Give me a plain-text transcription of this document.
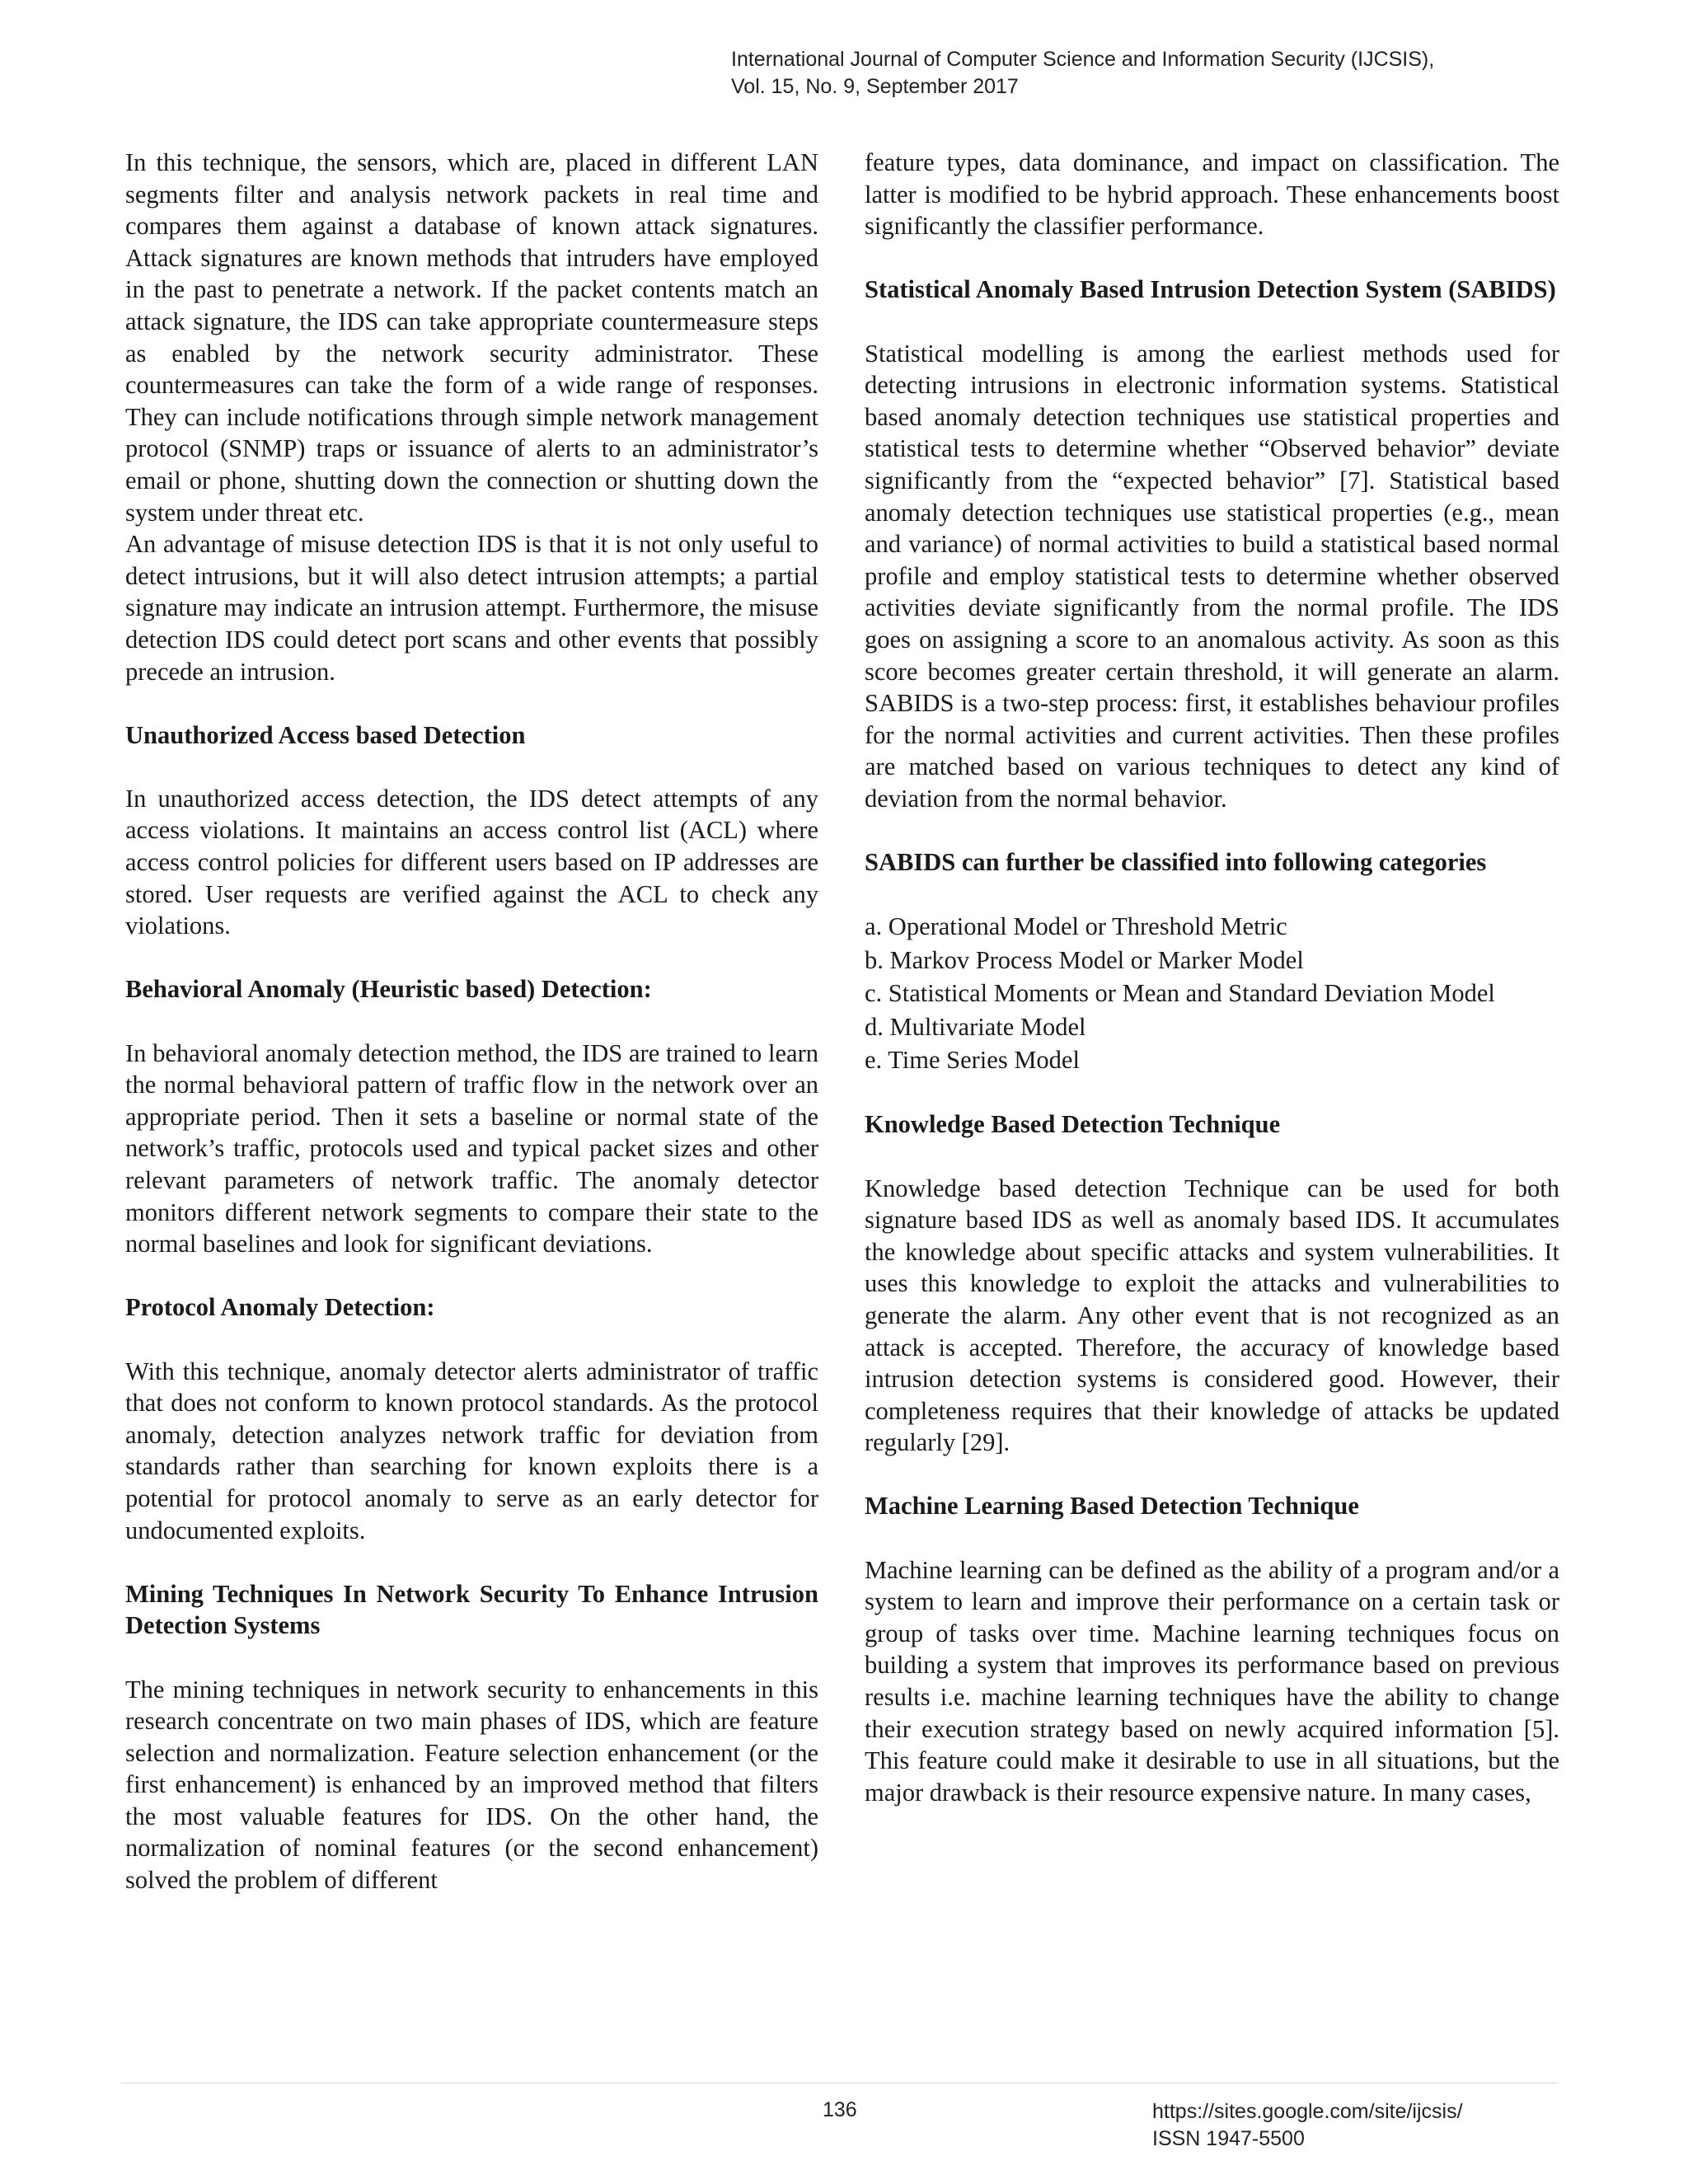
International Journal of Computer Science and Information Security (IJCSIS),
Vol. 15, No. 9, September 2017

In this technique, the sensors, which are, placed in different LAN segments filter and analysis network packets in real time and compares them against a database of known attack signatures. Attack signatures are known methods that intruders have employed in the past to penetrate a network. If the packet contents match an attack signature, the IDS can take appropriate countermeasure steps as enabled by the network security administrator. These countermeasures can take the form of a wide range of responses. They can include notifications through simple network management protocol (SNMP) traps or issuance of alerts to an administrator’s email or phone, shutting down the connection or shutting down the system under threat etc.

An advantage of misuse detection IDS is that it is not only useful to detect intrusions, but it will also detect intrusion attempts; a partial signature may indicate an intrusion attempt. Furthermore, the misuse detection IDS could detect port scans and other events that possibly precede an intrusion.

Unauthorized Access based Detection

In unauthorized access detection, the IDS detect attempts of any access violations. It maintains an access control list (ACL) where access control policies for different users based on IP addresses are stored. User requests are verified against the ACL to check any violations.

Behavioral Anomaly (Heuristic based) Detection:

In behavioral anomaly detection method, the IDS are trained to learn the normal behavioral pattern of traffic flow in the network over an appropriate period. Then it sets a baseline or normal state of the network’s traffic, protocols used and typical packet sizes and other relevant parameters of network traffic. The anomaly detector monitors different network segments to compare their state to the normal baselines and look for significant deviations.

Protocol Anomaly Detection:

With this technique, anomaly detector alerts administrator of traffic that does not conform to known protocol standards. As the protocol anomaly, detection analyzes network traffic for deviation from standards rather than searching for known exploits there is a potential for protocol anomaly to serve as an early detector for undocumented exploits.

Mining Techniques In Network Security To Enhance Intrusion Detection Systems

The mining techniques in network security to enhancements in this research concentrate on two main phases of IDS, which are feature selection and normalization. Feature selection enhancement (or the first enhancement) is enhanced by an improved method that filters the most valuable features for IDS. On the other hand, the normalization of nominal features (or the second enhancement) solved the problem of different

feature types, data dominance, and impact on classification. The latter is modified to be hybrid approach. These enhancements boost significantly the classifier performance.

Statistical Anomaly Based Intrusion Detection System (SABIDS)

Statistical modelling is among the earliest methods used for detecting intrusions in electronic information systems. Statistical based anomaly detection techniques use statistical properties and statistical tests to determine whether “Observed behavior” deviate significantly from the “expected behavior” [7]. Statistical based anomaly detection techniques use statistical properties (e.g., mean and variance) of normal activities to build a statistical based normal profile and employ statistical tests to determine whether observed activities deviate significantly from the normal profile. The IDS goes on assigning a score to an anomalous activity. As soon as this score becomes greater certain threshold, it will generate an alarm. SABIDS is a two-step process: first, it establishes behaviour profiles for the normal activities and current activities. Then these profiles are matched based on various techniques to detect any kind of deviation from the normal behavior.

SABIDS can further be classified into following categories
a. Operational Model or Threshold Metric
b. Markov Process Model or Marker Model
c. Statistical Moments or Mean and Standard Deviation Model
d. Multivariate Model
e. Time Series Model
Knowledge Based Detection Technique

Knowledge based detection Technique can be used for both signature based IDS as well as anomaly based IDS. It accumulates the knowledge about specific attacks and system vulnerabilities. It uses this knowledge to exploit the attacks and vulnerabilities to generate the alarm. Any other event that is not recognized as an attack is accepted. Therefore, the accuracy of knowledge based intrusion detection systems is considered good. However, their completeness requires that their knowledge of attacks be updated regularly [29].

Machine Learning Based Detection Technique

Machine learning can be defined as the ability of a program and/or a system to learn and improve their performance on a certain task or group of tasks over time. Machine learning techniques focus on building a system that improves its performance based on previous results i.e. machine learning techniques have the ability to change their execution strategy based on newly acquired information [5]. This feature could make it desirable to use in all situations, but the major drawback is their resource expensive nature. In many cases,

136	https://sites.google.com/site/ijcsis/
ISSN 1947-5500
